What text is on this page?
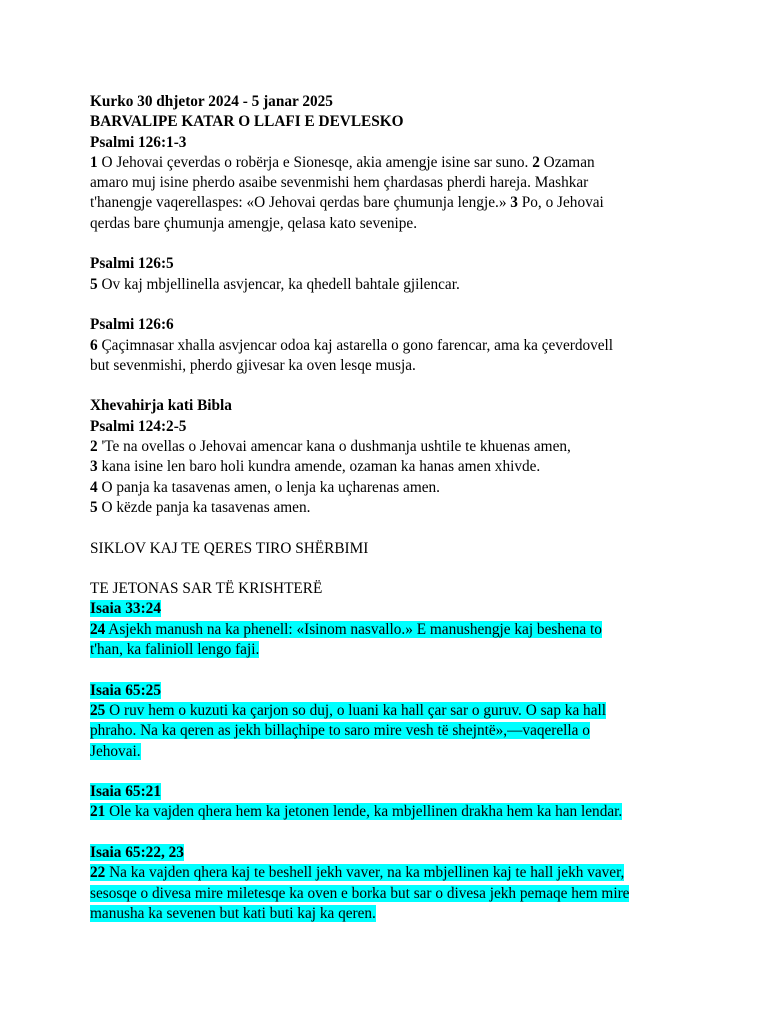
Kurko 30 dhjetor 2024 - 5 janar 2025
BARVALIPE KATAR O LLAFI E DEVLESKO
Psalmi 126:1-3
1 O Jehovai çeverdas o robërja e Sionesqe, akia amengje isine sar suno. 2 Ozaman
amaro muj isine pherdo asaibe sevenmishi hem çhardasas pherdi hareja. Mashkar
t'hanengje vaqerellaspes: «O Jehovai qerdas bare çhumunja lengje.» 3 Po, o Jehovai
qerdas bare çhumunja amengje, qelasa kato sevenipe.
Psalmi 126:5
5 Ov kaj mbjellinella asvjencar, ka qhedell bahtale gjilencar.
Psalmi 126:6
6 Çaçimnasar xhalla asvjencar odoa kaj astarella o gono farencar, ama ka çeverdovell
but sevenmishi, pherdo gjivesar ka oven lesqe musja.
Xhevahirja kati Bibla
Psalmi 124:2-5
2 'Te na ovellas o Jehovai amencar kana o dushmanja ushtile te khuenas amen,
3 kana isine len baro holi kundra amende, ozaman ka hanas amen xhivde.
4 O panja ka tasavenas amen, o lenja ka uçharenas amen.
5 O këzde panja ka tasavenas amen.
SIKLOV KAJ TE QERES TIRO SHËRBIMI
TE JETONAS SAR TË KRISHTERË
Isaia 33:24
24 Asjekh manush na ka phenell: «Isinom nasvallo.» E manushengje kaj beshena to
t'han, ka falinioll lengo faji.
Isaia 65:25
25 O ruv hem o kuzuti ka çarjon so duj, o luani ka hall çar sar o guruv. O sap ka hall
phraho. Na ka qeren as jekh billaçhipe to saro mire vesh të shejntë»,—vaqerella o
Jehovai.
Isaia 65:21
21 Ole ka vajden qhera hem ka jetonen lende, ka mbjellinen drakha hem ka han lendar.
Isaia 65:22, 23
22 Na ka vajden qhera kaj te beshell jekh vaver, na ka mbjellinen kaj te hall jekh vaver,
sesosqe o divesa mire miletesqe ka oven e borka but sar o divesa jekh pemaqe hem mire
manusha ka sevenen but kati buti kaj ka qeren.
